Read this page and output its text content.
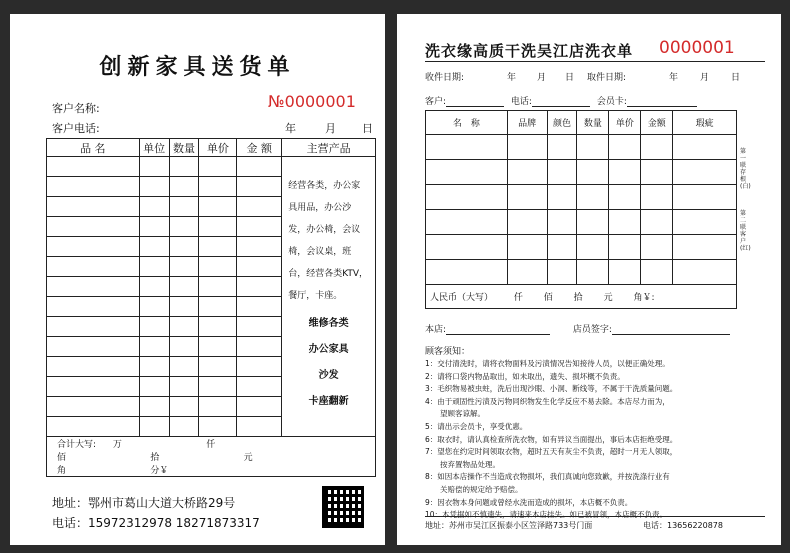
创新家具送货单
客户名称:	№0000001
客户电话:	年	月 日
品 名	单位	数量	单价	金 额	主营产品

					经营各类，办公家具用品，办公沙发，办公椅，会议椅，会议桌，班台，经营各类KTV，餐厅，卡座。
维修各类
办公家具
沙发
卡座翻新

合计大写: 万 仟     佰 拾 元     角 分￥					
地址：鄂州市葛山大道大桥路29号
电话：15972312978 18271873317
洗衣缘高质干洗吴江店洗衣单 0000001
收件日期:	年 月 日 取件日期:	年 月 日
客户:	电话:	会员卡:
名　称	品牌	颜色	数量	单价	金额	瑕疵

人民币（大写） 仟 佰 拾 元 角￥:						
第一联存根(白)
第二联客户(红)
本店:	店员签字:
顾客须知：
1：交付清洗时，请将衣物面料及污渍情况告知接待人员，以便正确处理。
2：请将口袋内物品取出，如未取出，遗失、损坏概不负责。
3：毛织物易被虫蛀，洗后出现沙眼、小洞、断线等，不属于干洗质量问题。
4：由于顽固性污渍及污物同织物发生化学反应不易去除。本店尽力而为，
　　望顾客谅解。
5：请出示会员卡，享受优惠。
6：取衣时，请认真检查所洗衣物，如有异议当面提出，事后本店拒绝受理。
7：望您在约定时间领取衣物，超时五天有灰尘不负责，超时一月无人领取，
　　按弃置物品处理。
8：如因本店操作不当造成衣物损坏，我们真诚向您致歉，并按洗涤行业有
　　关赔偿的规定给予赔偿。
9：因衣物本身问题或曾经水洗而造成的损坏，本店概不负责。
10：本凭据如不慎遗失，请速来本店挂失。如已被冒领，本店概不负责。
地址：苏州市吴江区振泰小区笠泽路733号门面	电话：13656220878
